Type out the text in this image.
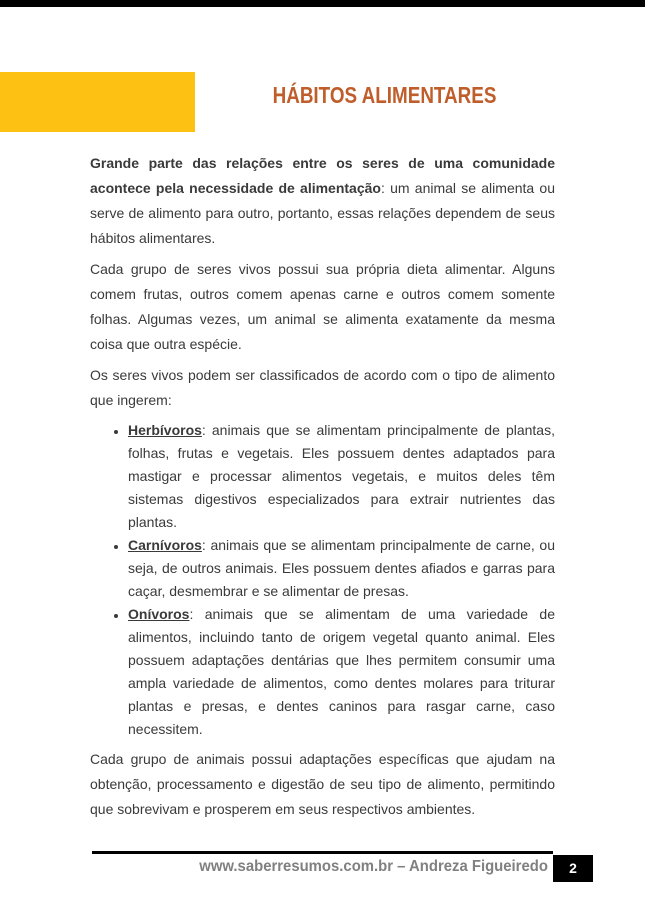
HÁBITOS ALIMENTARES

Grande parte das relações entre os seres de uma comunidade acontece pela necessidade de alimentação: um animal se alimenta ou serve de alimento para outro, portanto, essas relações dependem de seus hábitos alimentares.

Cada grupo de seres vivos possui sua própria dieta alimentar. Alguns comem frutas, outros comem apenas carne e outros comem somente folhas. Algumas vezes, um animal se alimenta exatamente da mesma coisa que outra espécie.

Os seres vivos podem ser classificados de acordo com o tipo de alimento que ingerem:

• Herbívoros: animais que se alimentam principalmente de plantas, folhas, frutas e vegetais. Eles possuem dentes adaptados para mastigar e processar alimentos vegetais, e muitos deles têm sistemas digestivos especializados para extrair nutrientes das plantas.
• Carnívoros: animais que se alimentam principalmente de carne, ou seja, de outros animais. Eles possuem dentes afiados e garras para caçar, desmembrar e se alimentar de presas.
• Onívoros: animais que se alimentam de uma variedade de alimentos, incluindo tanto de origem vegetal quanto animal. Eles possuem adaptações dentárias que lhes permitem consumir uma ampla variedade de alimentos, como dentes molares para triturar plantas e presas, e dentes caninos para rasgar carne, caso necessitem.

Cada grupo de animais possui adaptações específicas que ajudam na obtenção, processamento e digestão de seu tipo de alimento, permitindo que sobrevivam e prosperem em seus respectivos ambientes.

www.saberresumos.com.br – Andreza Figueiredo	2
